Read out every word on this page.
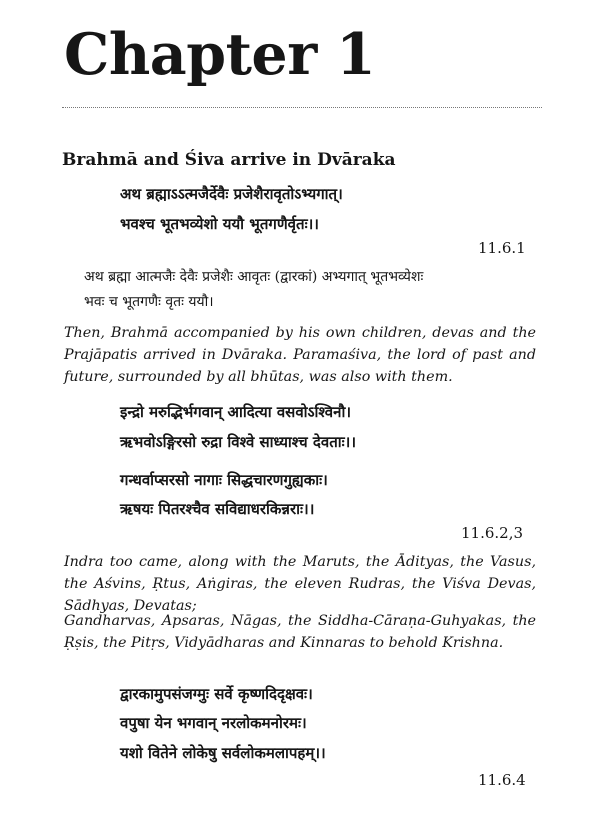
Chapter 1
Brahmā and Śiva arrive in Dvāraka
अथ ब्रह्माऽऽत्मजैर्देवैः प्रजेशैरावृतोऽभ्यगात्।
भवश्च भूतभव्येशो ययौ भूतगणैर्वृतः।।
11.6.1
अथ ब्रह्मा आत्मजैः देवैः प्रजेशैः आवृतः (द्वारकां) अभ्यगात् भूतभव्येशः
भवः च भूतगणैः वृतः ययौ।
Then, Brahmā accompanied by his own children, devas and the Prajāpatis arrived in Dvāraka. Paramaśiva, the lord of past and future, surrounded by all bhūtas, was also with them.
इन्द्रो मरुद्भिर्भगवान् आदित्या वसवोऽश्विनौ।
ऋभवोऽङ्गिरसो रुद्रा विश्वे साध्याश्च देवताः।।
गन्धर्वाप्सरसो नागाः सिद्धचारणगुह्यकाः।
ऋषयः पितरश्चैव सविद्याधरकिन्नराः।।
11.6.2,3
Indra too came, along with the Maruts, the Ādityas, the Vasus, the Aśvins, Ṛtus, Aṅgiras, the eleven Rudras, the Viśva Devas, Sādhyas, Devatas;
Gandharvas, Apsaras, Nāgas, the Siddha-Cāraṇa-Guhyakas, the Ṛṣis, the Pitṛs, Vidyādharas and Kinnaras to behold Krishna.
द्वारकामुपसंजग्मुः सर्वे कृष्णदिदृक्षवः।
वपुषा येन भगवान् नरलोकमनोरमः।
यशो वितेने लोकेषु सर्वलोकमलापहम्।।
11.6.4
